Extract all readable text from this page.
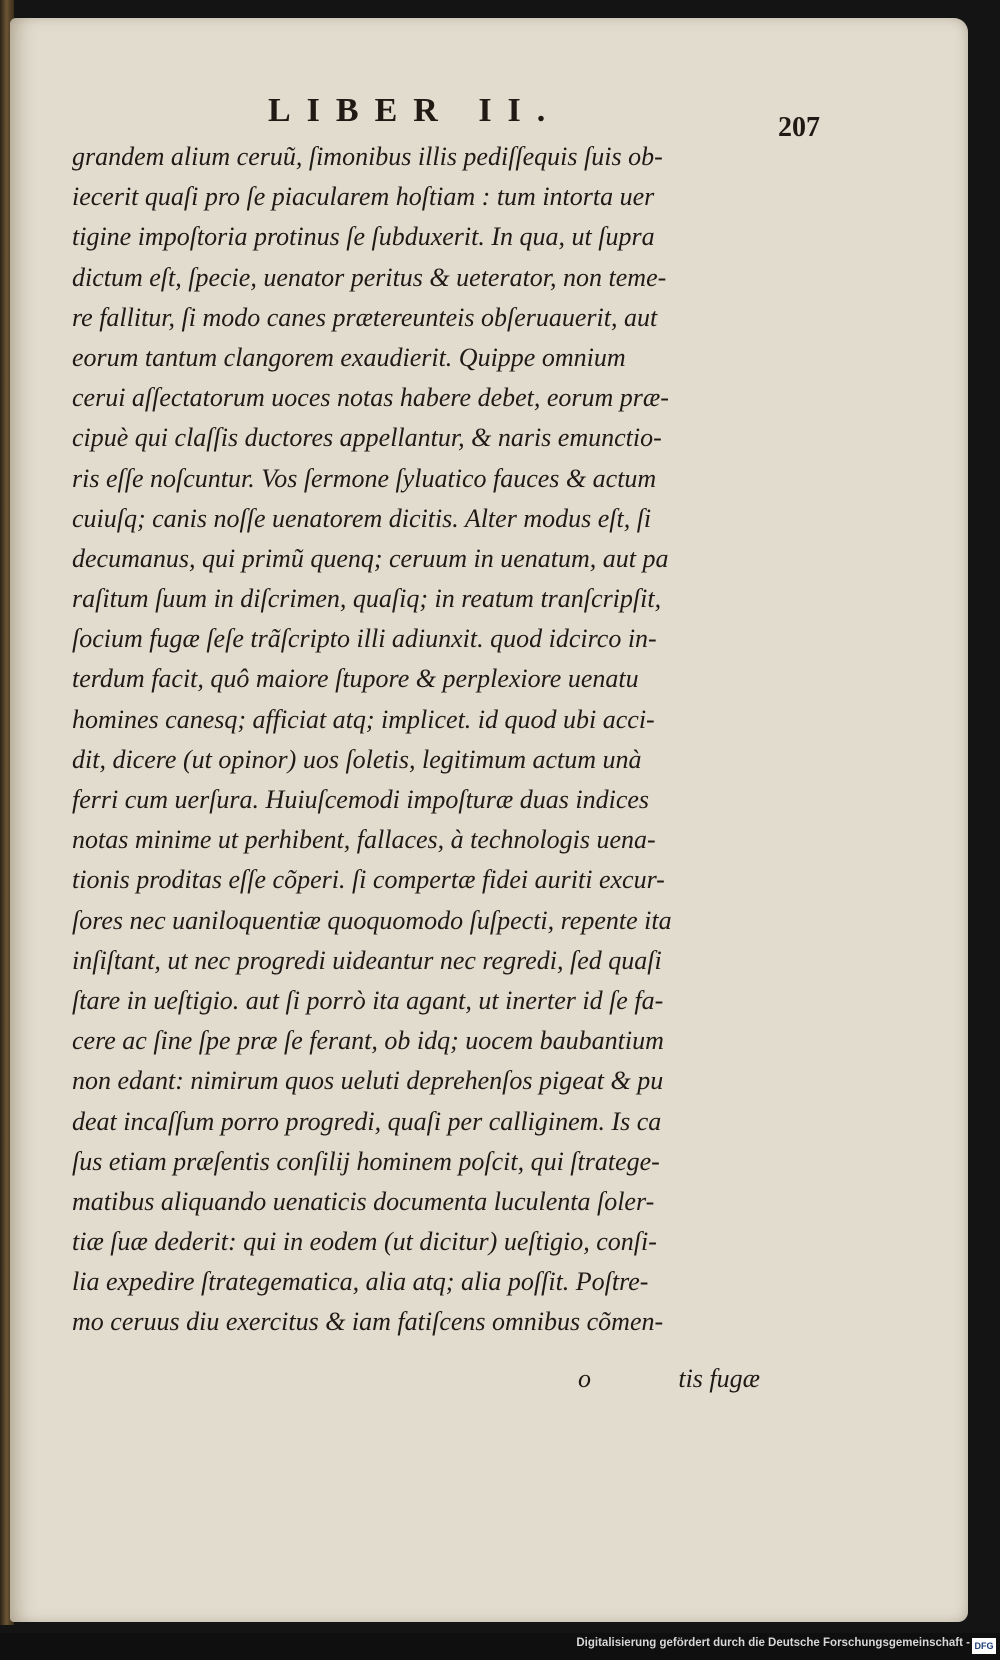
LIBER II.	207
grandem alium ceruũ, ſimonibus illis pediſſequis ſuis ob-
iecerit quaſi pro ſe piacularem hoſtiam : tum intorta uer
tigine impoſtoria protinus ſe ſubduxerit. In qua, ut ſupra
dictum eſt, ſpecie, uenator peritus & ueterator, non teme-
re fallitur, ſi modo canes prætereunteis obſeruauerit, aut
eorum tantum clangorem exaudierit. Quippe omnium
cerui aſſectatorum uoces notas habere debet, eorum præ-
cipuè qui claſſis ductores appellantur, & naris emunctio-
ris eſſe noſcuntur. Vos ſermone ſyluatico fauces & actum
cuiuſq; canis noſſe uenatorem dicitis. Alter modus eſt, ſi
decumanus, qui primũ quenq; ceruum in uenatum, aut pa
raſitum ſuum in diſcrimen, quaſiq; in reatum tranſcripſit,
ſocium fugæ ſeſe trãſcripto illi adiunxit. quod idcirco in-
terdum facit, quô maiore ſtupore & perplexiore uenatu
homines canesq; afficiat atq; implicet. id quod ubi acci-
dit, dicere (ut opinor) uos ſoletis, legitimum actum unà
ferri cum uerſura. Huiuſcemodi impoſturæ duas indices
notas minime ut perhibent, fallaces, à technologis uena-
tionis proditas eſſe cõperi. ſi compertæ fidei auriti excur-
ſores nec uaniloquentiæ quoquomodo ſuſpecti, repente ita
inſiſtant, ut nec progredi uideantur nec regredi, ſed quaſi
ſtare in ueſtigio. aut ſi porrò ita agant, ut inerter id ſe fa-
cere ac ſine ſpe præ ſe ferant, ob idq; uocem baubantium
non edant: nimirum quos ueluti deprehenſos pigeat & pu
deat incaſſum porro progredi, quaſi per calliginem. Is ca
ſus etiam præſentis conſilij hominem poſcit, qui ſtratege-
matibus aliquando uenaticis documenta luculenta ſoler-
tiæ ſuæ dederit: qui in eodem (ut dicitur) ueſtigio, conſi-
lia expedire ſtrategematica, alia atq; alia poſſit. Poſtre-
mo ceruus diu exercitus & iam fatiſcens omnibus cõmen-
o	tis fugæ
Digitalisierung gefördert durch die Deutsche Forschungsgemeinschaft - DFG
